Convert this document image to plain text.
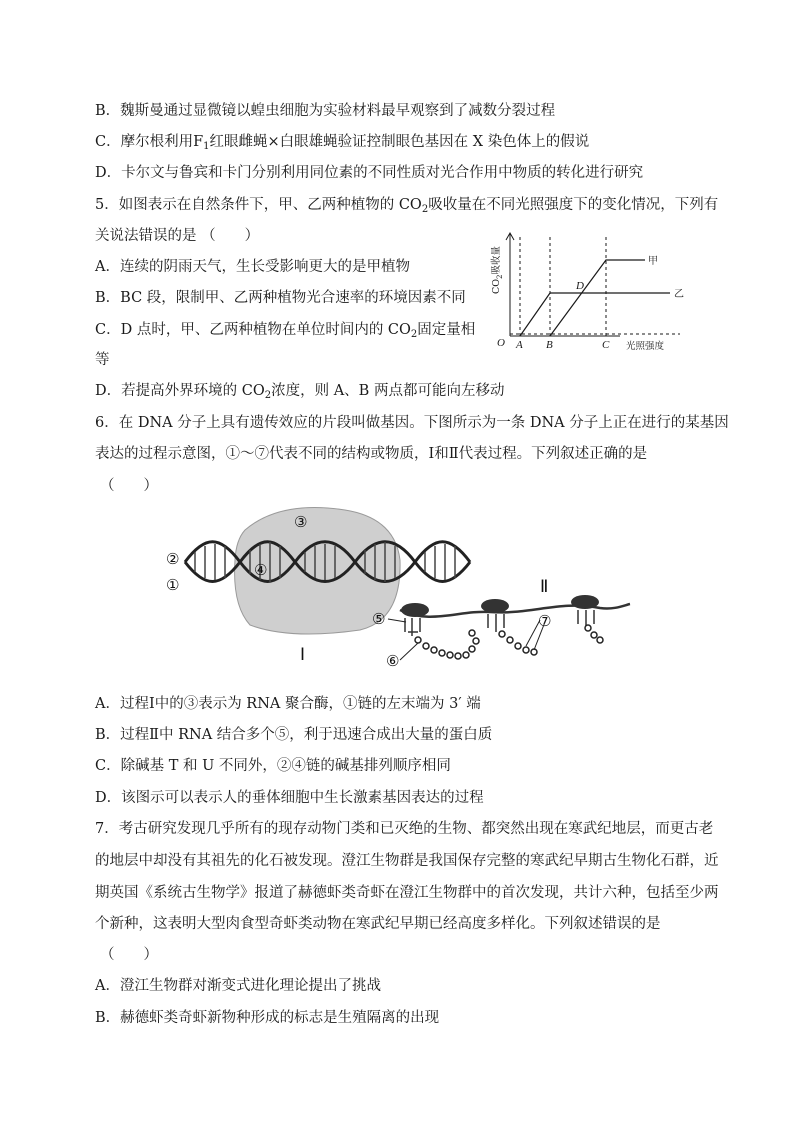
B．魏斯曼通过显微镜以蝗虫细胞为实验材料最早观察到了减数分裂过程
C．摩尔根利用$F_1$红眼雌蝇×白眼雄蝇验证控制眼色基因在 X 染色体上的假说
D．卡尔文与鲁宾和卡门分别利用同位素的不同性质对光合作用中物质的转化进行研究
5．如图表示在自然条件下，甲、乙两种植物的 $CO_2$吸收量在不同光照强度下的变化情况，下列有
关说法错误的是 （　　）
A．连续的阴雨天气，生长受影响更大的是甲植物
B．BC 段，限制甲、乙两种植物光合速率的环境因素不同
C．D 点时，甲、乙两种植物在单位时间内的 $CO_2$固定量相
等
D．若提高外界环境的 $CO_2$浓度，则 A、B 两点都可能向左移动
O A B	C
D
甲
乙
光照强度
$CO_2$吸收量
6．在 DNA 分子上具有遗传效应的片段叫做基因。下图所示为一条 DNA 分子上正在进行的某基因
表达的过程示意图，①～⑦代表不同的结构或物质，Ⅰ和Ⅱ代表过程。下列叙述正确的是
（　　）
③
②
①
④
⑤
⑥
⑦
Ⅰ
Ⅱ
A．过程Ⅰ中的③表示为 RNA 聚合酶，①链的左末端为 3′ 端
B．过程Ⅱ中 RNA 结合多个⑤，利于迅速合成出大量的蛋白质
C．除碱基 T 和 U 不同外，②④链的碱基排列顺序相同
D．该图示可以表示人的垂体细胞中生长激素基因表达的过程
7．考古研究发现几乎所有的现存动物门类和已灭绝的生物、都突然出现在寒武纪地层，而更古老
的地层中却没有其祖先的化石被发现。澄江生物群是我国保存完整的寒武纪早期古生物化石群，近
期英国《系统古生物学》报道了赫德虾类奇虾在澄江生物群中的首次发现，共计六种，包括至少两
个新种，这表明大型肉食型奇虾类动物在寒武纪早期已经高度多样化。下列叙述错误的是
（　　）
A．澄江生物群对渐变式进化理论提出了挑战
B．赫德虾类奇虾新物种形成的标志是生殖隔离的出现
